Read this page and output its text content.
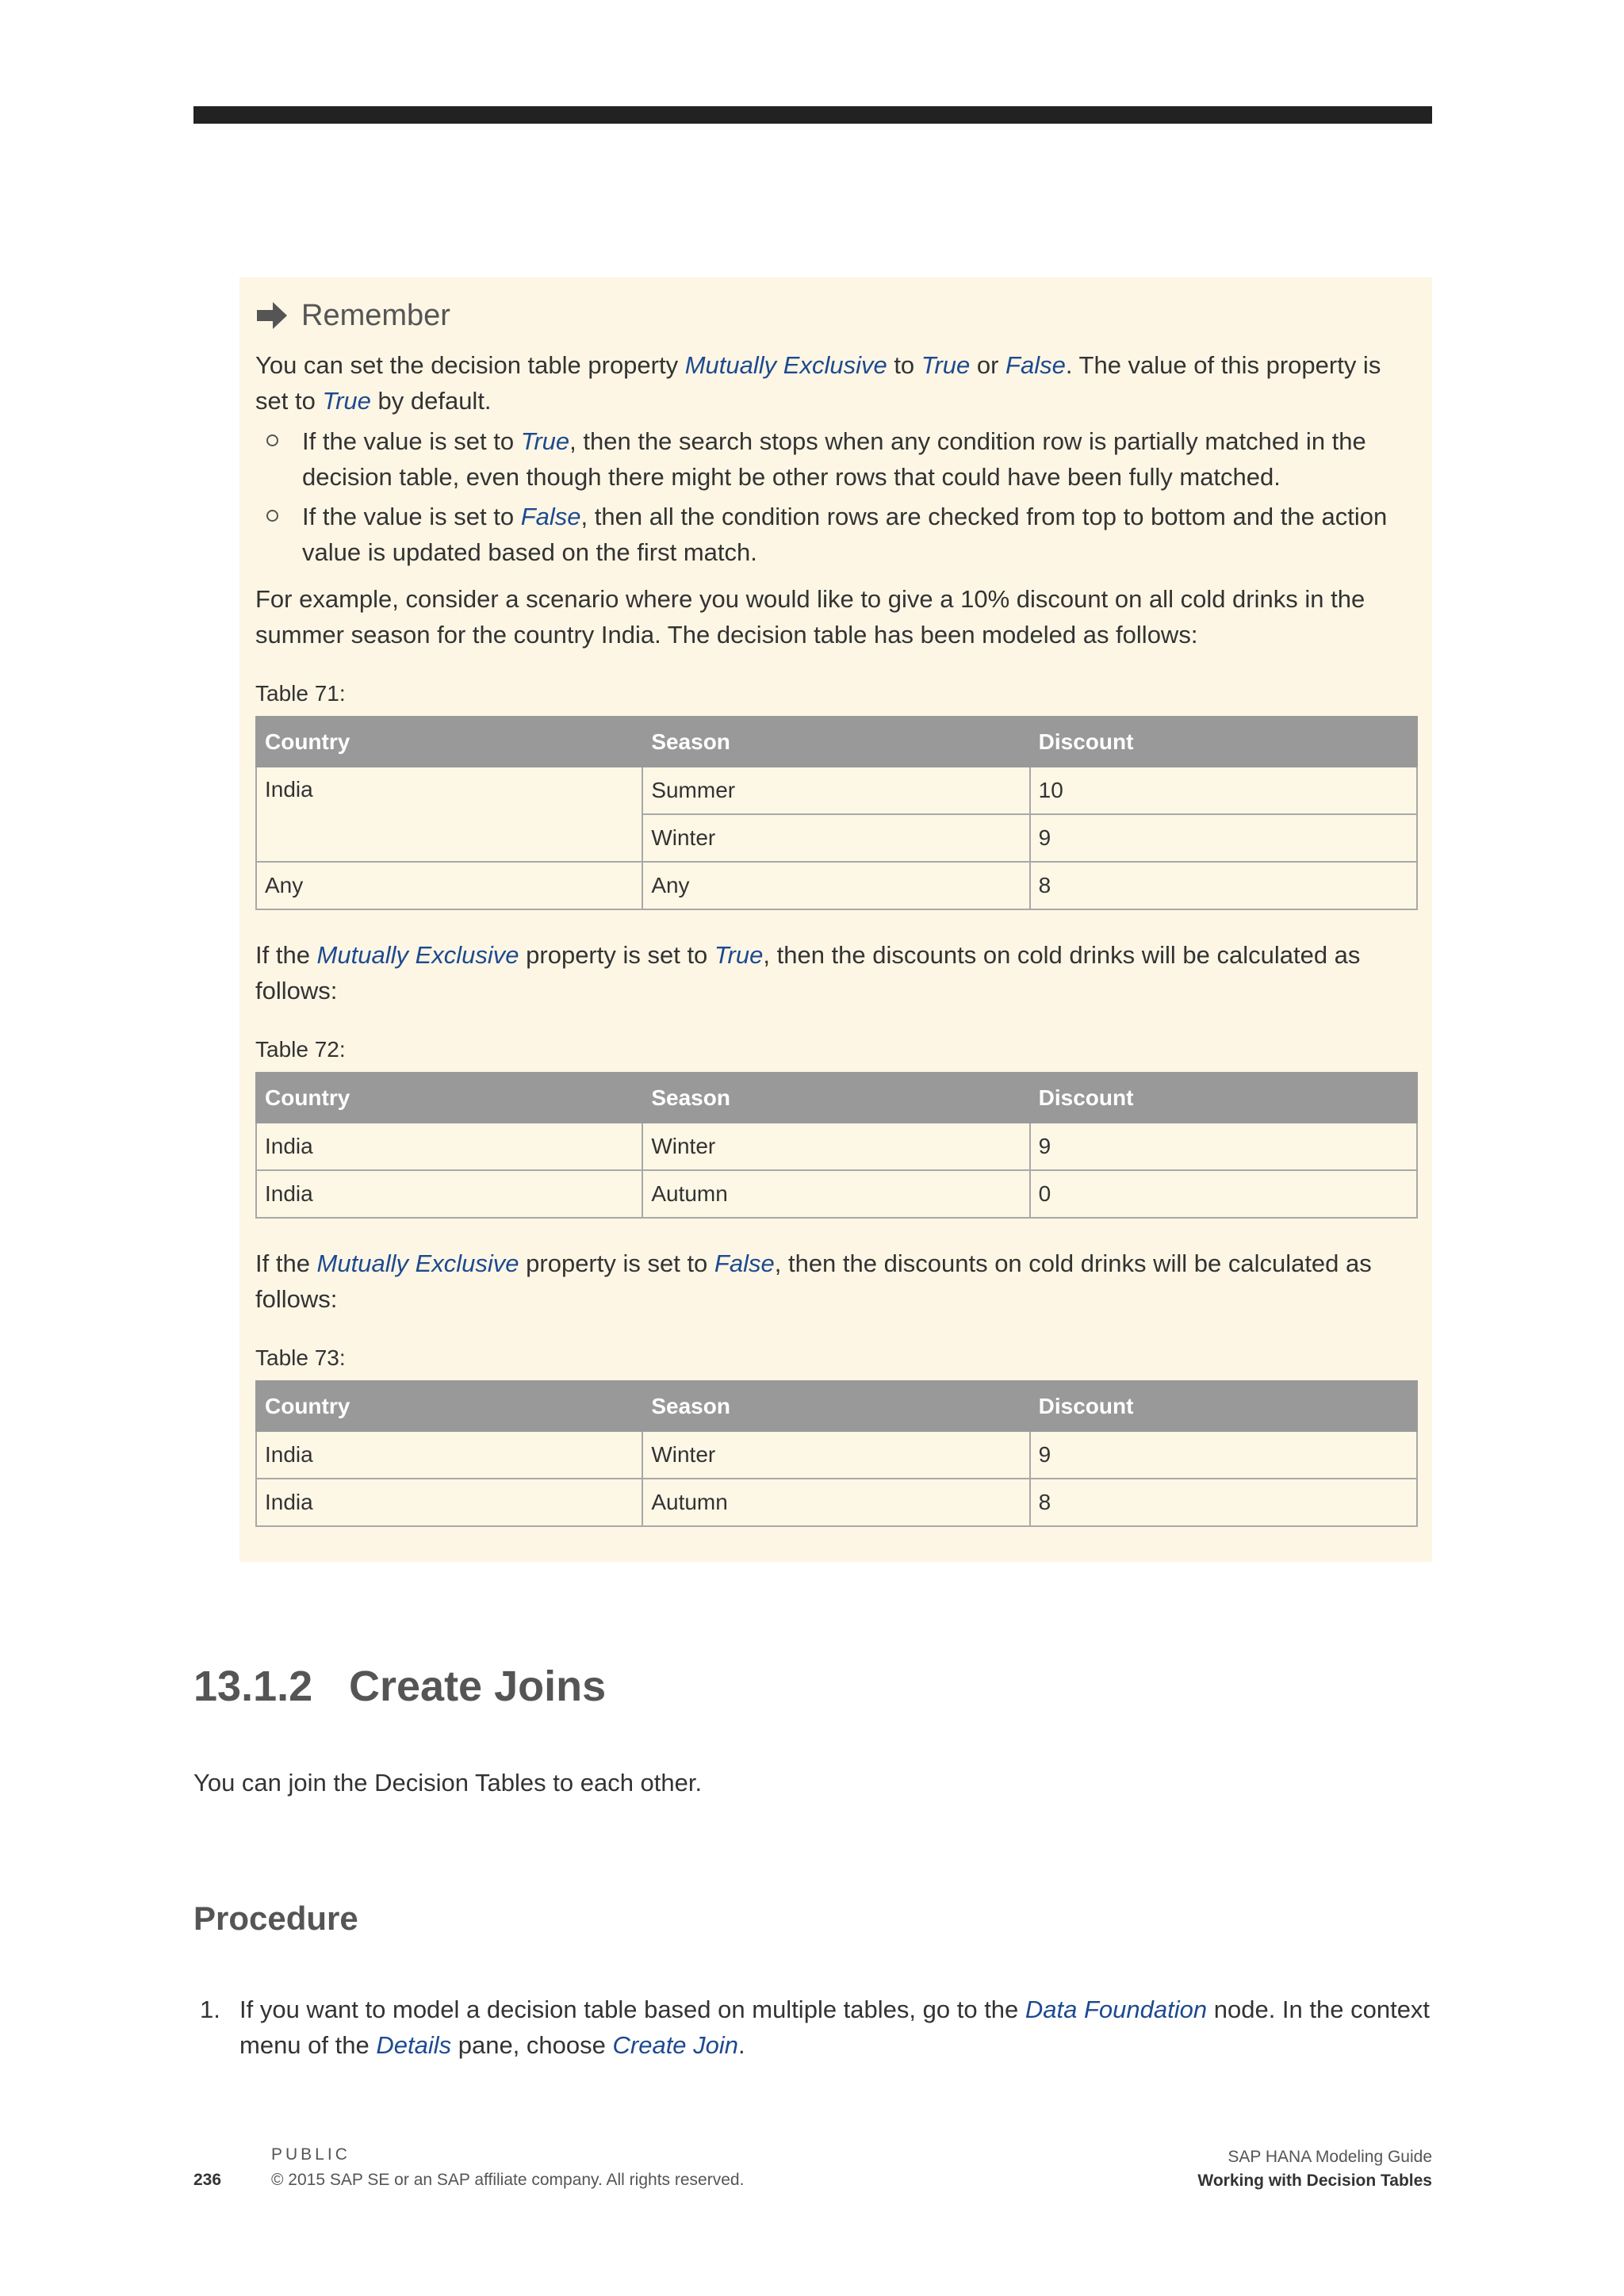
Remember

You can set the decision table property Mutually Exclusive to True or False. The value of this property is set to True by default.

If the value is set to True, then the search stops when any condition row is partially matched in the decision table, even though there might be other rows that could have been fully matched.
If the value is set to False, then all the condition rows are checked from top to bottom and the action value is updated based on the first match.

For example, consider a scenario where you would like to give a 10% discount on all cold drinks in the summer season for the country India. The decision table has been modeled as follows:

Table 71:
Country	Season	Discount
India	Summer	10
	Winter	9
Any	Any	8

If the Mutually Exclusive property is set to True, then the discounts on cold drinks will be calculated as follows:

Table 72:
Country	Season	Discount
India	Winter	9
India	Autumn	0

If the Mutually Exclusive property is set to False, then the discounts on cold drinks will be calculated as follows:

Table 73:
Country	Season	Discount
India	Winter	9
India	Autumn	8
13.1.2 Create Joins

You can join the Decision Tables to each other.

Procedure
1. If you want to model a decision table based on multiple tables, go to the Data Foundation node. In the context menu of the Details pane, choose Create Join.

236
PUBLIC
© 2015 SAP SE or an SAP affiliate company. All rights reserved.
SAP HANA Modeling Guide
Working with Decision Tables
